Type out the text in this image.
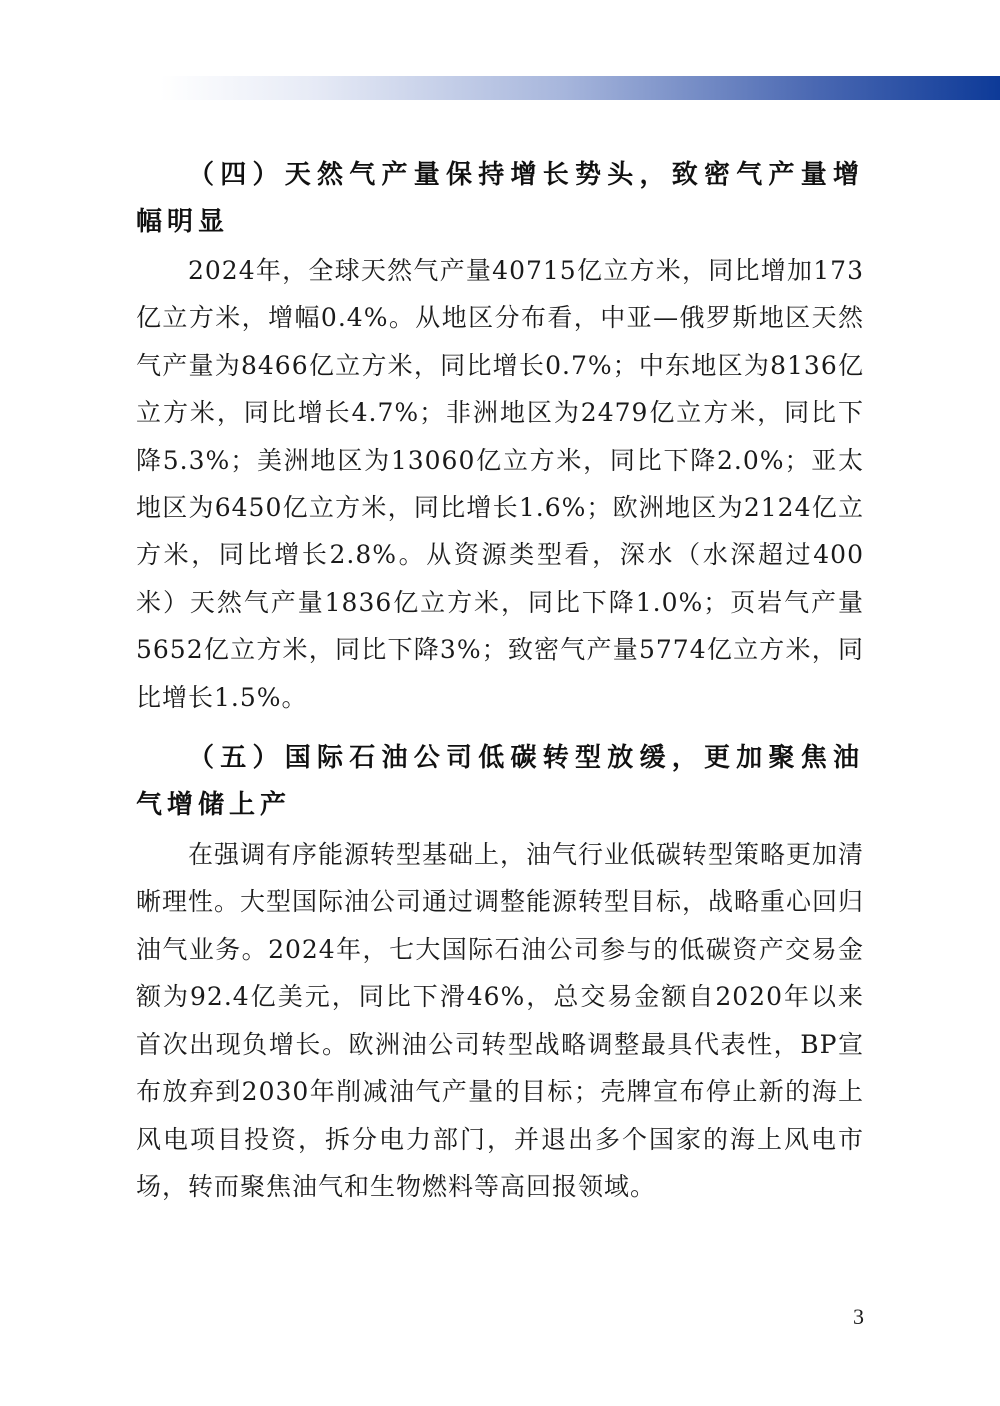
（四）天然气产量保持增长势头，致密气产量增幅明显

2024年，全球天然气产量40715亿立方米，同比增加173亿立方米，增幅0.4%。从地区分布看，中亚—俄罗斯地区天然气产量为8466亿立方米，同比增长0.7%；中东地区为8136亿立方米，同比增长4.7%；非洲地区为2479亿立方米，同比下降5.3%；美洲地区为13060亿立方米，同比下降2.0%；亚太地区为6450亿立方米，同比增长1.6%；欧洲地区为2124亿立方米，同比增长2.8%。从资源类型看，深水（水深超过400米）天然气产量1836亿立方米，同比下降1.0%；页岩气产量5652亿立方米，同比下降3%；致密气产量5774亿立方米，同比增长1.5%。

（五）国际石油公司低碳转型放缓，更加聚焦油气增储上产

在强调有序能源转型基础上，油气行业低碳转型策略更加清晰理性。大型国际油公司通过调整能源转型目标，战略重心回归油气业务。2024年，七大国际石油公司参与的低碳资产交易金额为92.4亿美元，同比下滑46%，总交易金额自2020年以来首次出现负增长。欧洲油公司转型战略调整最具代表性，BP宣布放弃到2030年削减油气产量的目标；壳牌宣布停止新的海上风电项目投资，拆分电力部门，并退出多个国家的海上风电市场，转而聚焦油气和生物燃料等高回报领域。

3
